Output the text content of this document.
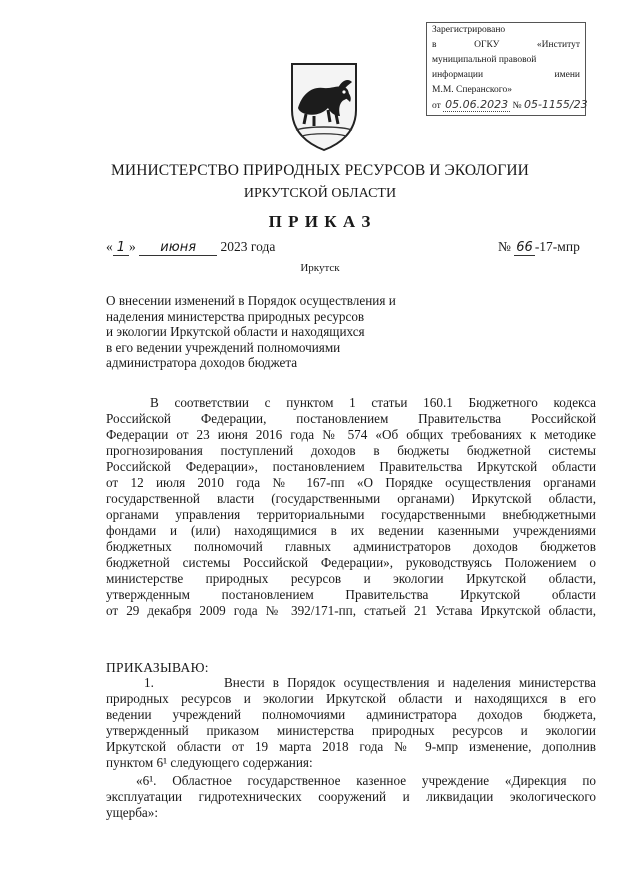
Зарегистрировано
в	ОГКУ	«Институт
муниципальной правовой
информации	имени
М.М. Сперанского»
от 05.06.2023 № 05-1155/23
МИНИСТЕРСТВО ПРИРОДНЫХ РЕСУРСОВ И ЭКОЛОГИИ
ИРКУТСКОЙ ОБЛАСТИ
П Р И К А З
« 1 » июня 2023 года	№ 66 -17-мпр
Иркутск
О внесении изменений в Порядок осуществления и
наделения министерства природных ресурсов
и экологии Иркутской области и находящихся
в его ведении учреждений полномочиями
администратора доходов бюджета
В соответствии с пунктом 1 статьи 160.1 Бюджетного кодекса
Российской Федерации, постановлением Правительства Российской
Федерации от 23 июня 2016 года № 574 «Об общих требованиях к методике
прогнозирования поступлений доходов в бюджеты бюджетной системы
Российской Федерации», постановлением Правительства Иркутской области
от 12 июля 2010 года № 167-пп «О Порядке осуществления органами
государственной власти (государственными органами) Иркутской области,
органами управления территориальными государственными внебюджетными
фондами и (или) находящимися в их ведении казенными учреждениями
бюджетных полномочий главных администраторов доходов бюджетов
бюджетной системы Российской Федерации», руководствуясь Положением о
министерстве природных ресурсов и экологии Иркутской области,
утвержденным постановлением Правительства Иркутской области
от 29 декабря 2009 года № 392/171-пп, статьей 21 Устава Иркутской области,
ПРИКАЗЫВАЮ:
1.	Внести в Порядок осуществления и наделения министерства
природных ресурсов и экологии Иркутской области и находящихся в его
ведении учреждений полномочиями администратора доходов бюджета,
утвержденный приказом министерства природных ресурсов и экологии
Иркутской области от 19 марта 2018 года № 9-мпр изменение, дополнив
пунктом 6¹ следующего содержания:
«6¹. Областное государственное казенное учреждение «Дирекция по
эксплуатации гидротехнических сооружений и ликвидации экологического
ущерба»:
